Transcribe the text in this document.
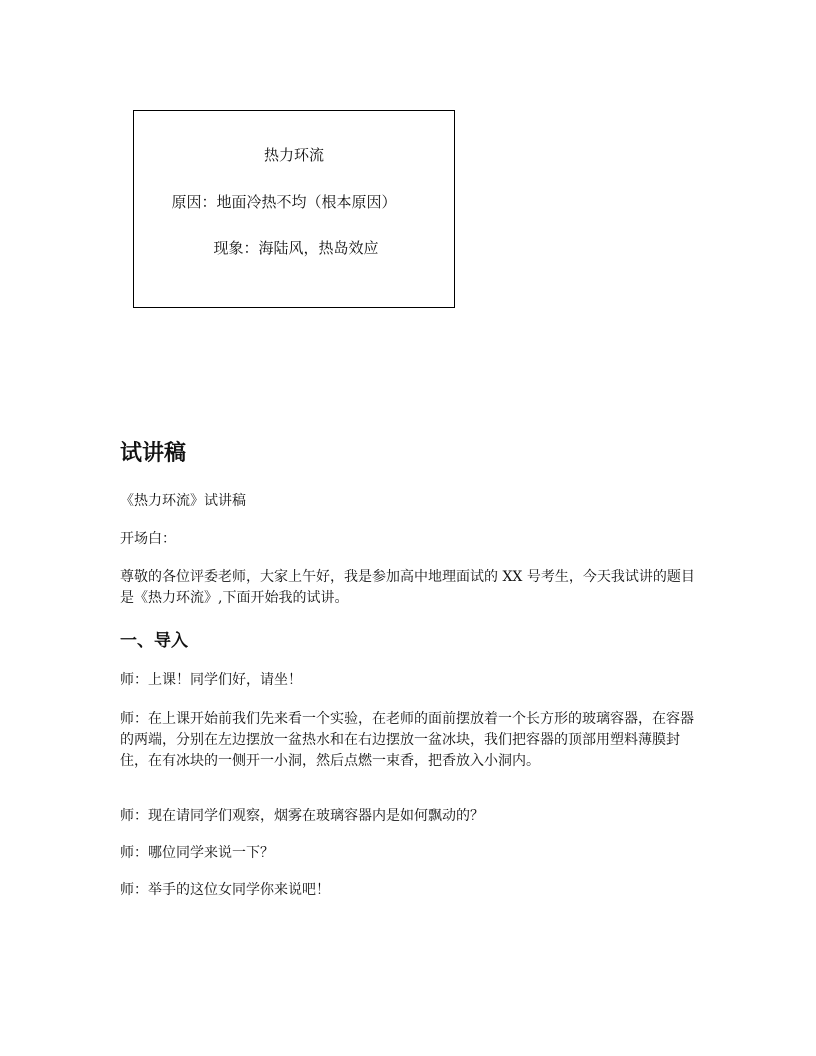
热力环流
原因：地面冷热不均（根本原因）
现象：海陆风，热岛效应
试讲稿

《热力环流》试讲稿

开场白：

尊敬的各位评委老师，大家上午好，我是参加高中地理面试的 XX 号考生，今天我试讲的题目是《热力环流》,下面开始我的试讲。

一、导入

师：上课！同学们好，请坐！

师：在上课开始前我们先来看一个实验，在老师的面前摆放着一个长方形的玻璃容器，在容器的两端，分别在左边摆放一盆热水和在右边摆放一盆冰块，我们把容器的顶部用塑料薄膜封住，在有冰块的一侧开一小洞，然后点燃一束香，把香放入小洞内。

师：现在请同学们观察，烟雾在玻璃容器内是如何飘动的？

师：哪位同学来说一下？

师：举手的这位女同学你来说吧！
